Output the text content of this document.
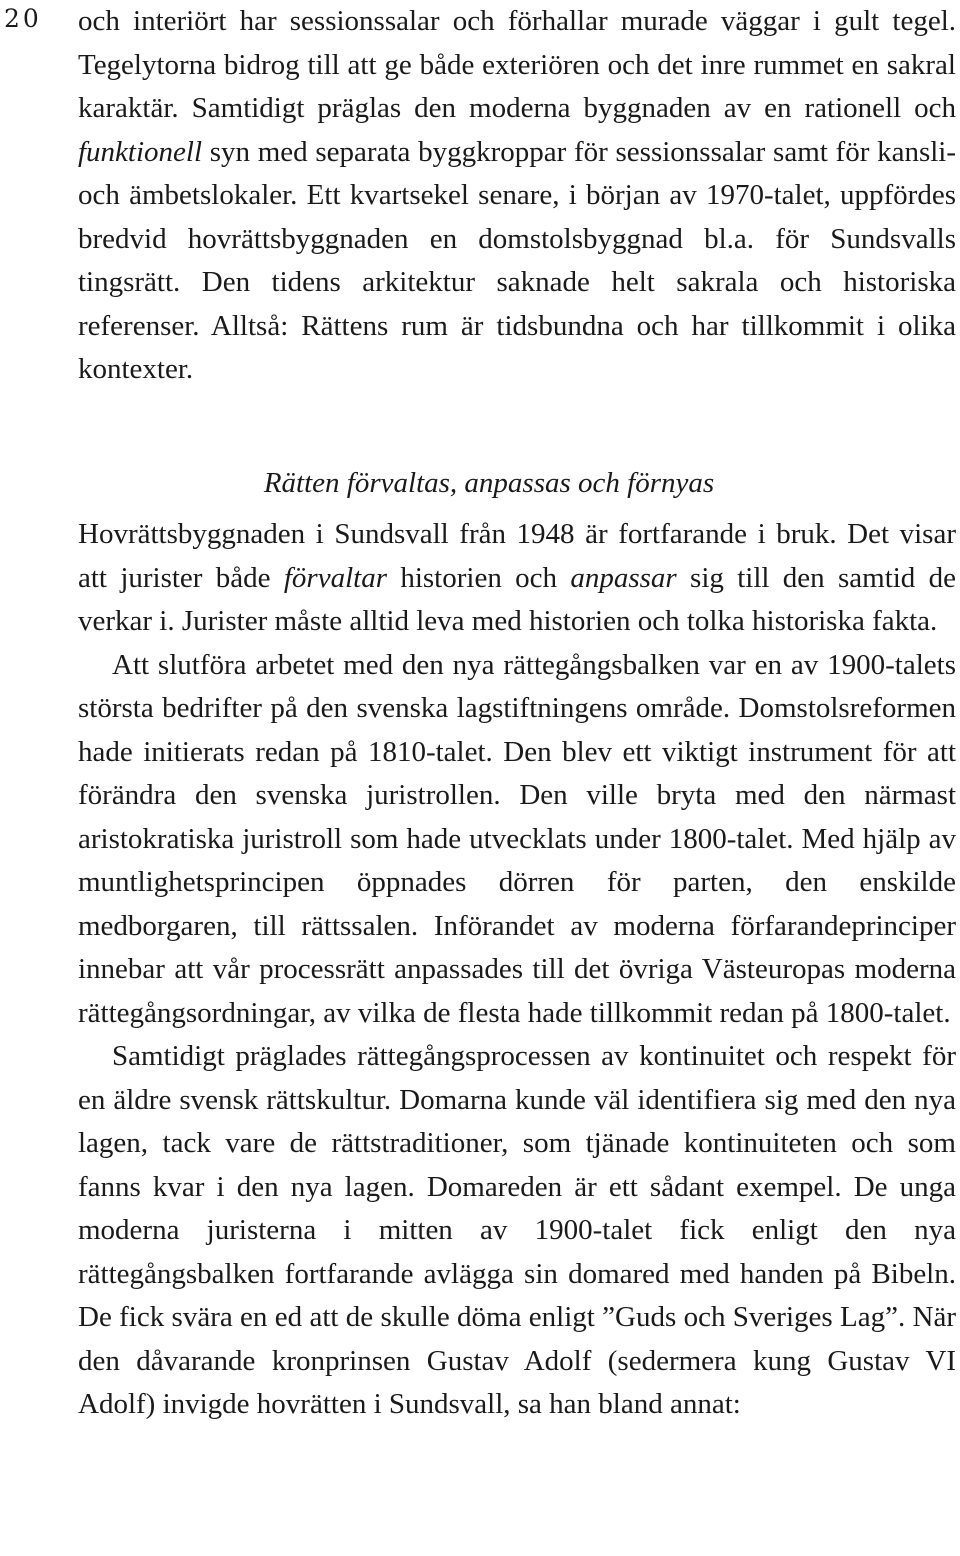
20 och interiört har sessionssalar och förhallar murade väggar i gult tegel. Tegelytorna bidrog till att ge både exteriören och det inre rummet en sakral karaktär. Samtidigt präglas den moderna byggnaden av en rationell och funktionell syn med separata byggkroppar för sessionssalar samt för kansli- och ämbetslokaler. Ett kvartsekel senare, i början av 1970-talet, uppfördes bredvid hovrättsbyggnaden en domstolsbyggnad bl.a. för Sundsvalls tingsrätt. Den tidens arkitektur saknade helt sakrala och historiska referenser. Alltså: Rättens rum är tidsbundna och har tillkommit i olika kontexter.

Rätten förvaltas, anpassas och förnyas

Hovrättsbyggnaden i Sundsvall från 1948 är fortfarande i bruk. Det visar att jurister både förvaltar historien och anpassar sig till den samtid de verkar i. Jurister måste alltid leva med historien och tolka historiska fakta.

Att slutföra arbetet med den nya rättegångsbalken var en av 1900-talets största bedrifter på den svenska lagstiftningens område. Domstolsreformen hade initierats redan på 1810-talet. Den blev ett viktigt instrument för att förändra den svenska juristrollen. Den ville bryta med den närmast aristokratiska juristroll som hade utvecklats under 1800-talet. Med hjälp av muntlighetsprincipen öppnades dörren för parten, den enskilde medborgaren, till rättssalen. Införandet av moderna förfarandeprinciper innebar att vår processrätt anpassades till det övriga Västeuropas moderna rättegångsordningar, av vilka de flesta hade tillkommit redan på 1800-talet.

Samtidigt präglades rättegångsprocessen av kontinuitet och respekt för en äldre svensk rättskultur. Domarna kunde väl identifiera sig med den nya lagen, tack vare de rättstraditioner, som tjänade kontinuiteten och som fanns kvar i den nya lagen. Domareden är ett sådant exempel. De unga moderna juristerna i mitten av 1900-talet fick enligt den nya rättegångsbalken fortfarande avlägga sin domared med handen på Bibeln. De fick svära en ed att de skulle döma enligt ”Guds och Sveriges Lag”. När den dåvarande kronprinsen Gustav Adolf (sedermera kung Gustav VI Adolf) invigde hovrätten i Sundsvall, sa han bland annat:
